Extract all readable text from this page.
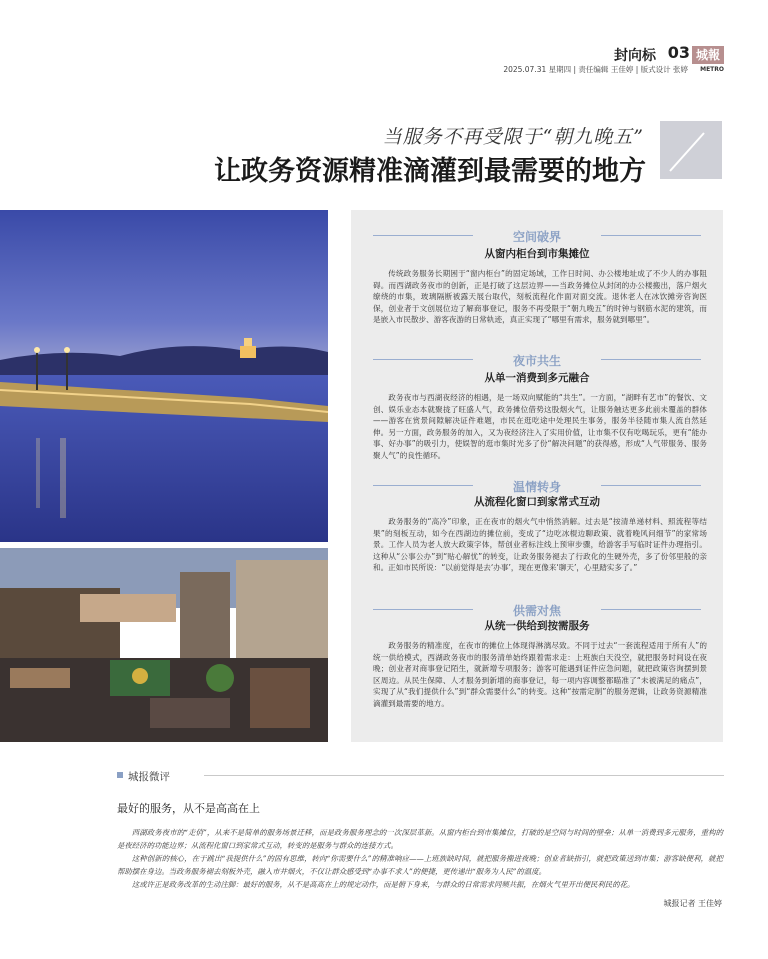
封向标 03 城報
METRO
2025.07.31 星期四 | 责任编辑 王佳婷 | 版式设计 张婷
当服务不再受限于“朝九晚五”
让政务资源精准滴灌到最需要的地方
空间破界
从窗内柜台到市集摊位
传统政务服务长期困于“窗内柜台”的固定场域，工作日时间、办公楼地址成了不少人的办事阻碍。而西湖政务夜市的创新，正是打破了这层边界——当政务摊位从封闭的办公楼搬出，落户烟火缭绕的市集，玻璃隔断被露天展台取代，刻板流程化作面对面交流。退休老人在冰饮摊旁咨询医保，创业者于文创展位边了解商事登记，服务不再受限于“朝九晚五”的时钟与钢筋水泥的建筑，而是嵌入市民散步、游客夜游的日常轨迹，真正实现了“哪里有需求，服务就到哪里”。
夜市共生
从单一消费到多元融合
政务夜市与西湖夜经济的相遇，是一场双向赋能的“共生”。一方面，“湖畔有艺市”的餐饮、文创、娱乐业态本就聚拢了旺盛人气，政务摊位借势这股烟火气，让服务触达更多此前未覆盖的群体——游客在赏景间隙解决证件难题，市民在逛吃途中处理民生事务，服务半径随市集人流自然延伸。另一方面，政务服务的加入，又为夜经济注入了实用价值，让市集不仅有吃喝玩乐，更有“能办事、好办事”的吸引力，使娱智的逛市集时光多了份“解决问题”的获得感，形成“人气带服务、服务聚人气”的良性循环。
温情转身
从流程化窗口到家常式互动
政务服务的“高冷”印象，正在夜市的烟火气中悄然消解。过去是“按清单递材料、照流程等结果”的刻板互动，如今在西湖边的摊位前，变成了“边吃冰棍边聊政策、就着晚风问细节”的家常场景。工作人员为老人放大政策字体，帮创业者标注线上预审步骤，给游客手写临时证件办理指引。这种从“公事公办”到“贴心解忧”的转变，让政务服务褪去了行政化的生硬外壳，多了份邻里般的亲和。正如市民所说：“以前觉得是去‘办事’，现在更像来‘聊天’，心里踏实多了。”
供需对焦
从统一供给到按需服务
政务服务的精准度，在夜市的摊位上体现得淋漓尽致。不同于过去“一套流程适用于所有人”的统一供给模式，西湖政务夜市的服务清单始终跟着需求走：上班族白天没空，就把服务时间设在夜晚；创业者对商事登记陌生，就新增专项服务；游客可能遇到证件应急问题，就把政策咨询摆到景区周边。从民生保障、人才服务到新增的商事登记，每一项内容调整都瞄准了“未被满足的痛点”，实现了从“我们提供什么”到“群众需要什么”的转变。这种“按需定制”的服务逻辑，让政务资源精准滴灌到最需要的地方。
城报微评
最好的服务，从不是高高在上

西湖政务夜市的“走俏”，从来不是简单的服务场景迁移，而是政务服务理念的一次深层革新。从窗内柜台到市集摊位，打破的是空间与时间的壁垒；从单一消费到多元服务，重构的是夜经济的功能边界；从流程化窗口到家常式互动，转变的是服务与群众的连接方式。

这种创新的核心，在于跳出“我提供什么”的固有思维，转向“你需要什么”的精准响应——上班族缺时间，就把服务搬进夜晚；创业者缺指引，就把政策送到市集；游客缺便利，就把帮助摆在身边。当政务服务褪去刻板外壳，融入市井烟火，不仅让群众感受到“办事不求人”的便捷，更传递出“服务为人民”的温度。

这或许正是政务改革的生动注脚：最好的服务，从不是高高在上的规定动作，而是俯下身来，与群众的日常需求同频共振，在烟火气里开出便民利民的花。

城报记者 王佳婷
